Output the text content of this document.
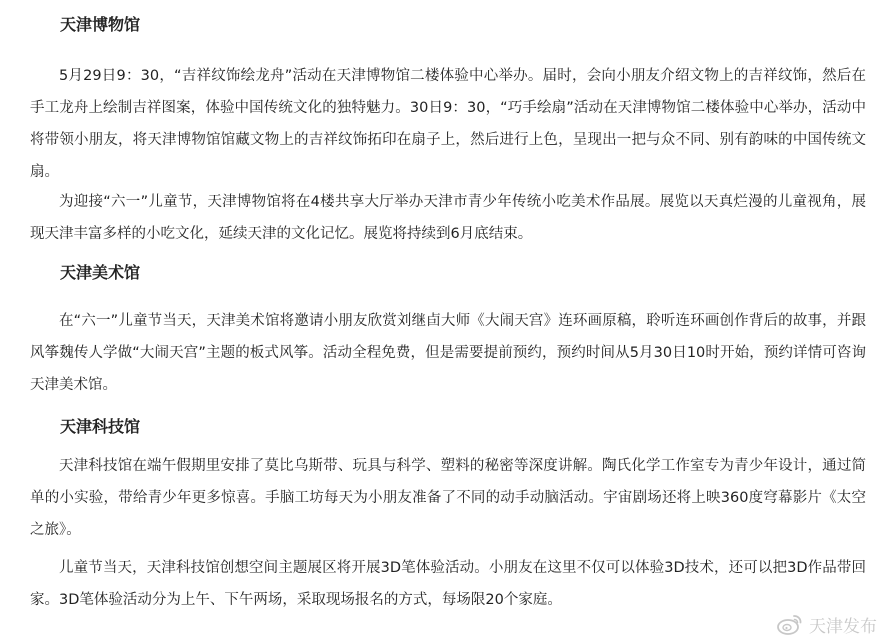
天津博物馆

5月29日9：30，“吉祥纹饰绘龙舟”活动在天津博物馆二楼体验中心举办。届时，会向小朋友介绍文物上的吉祥纹饰，然后在手工龙舟上绘制吉祥图案，体验中国传统文化的独特魅力。30日9：30，“巧手绘扇”活动在天津博物馆二楼体验中心举办，活动中将带领小朋友，将天津博物馆馆藏文物上的吉祥纹饰拓印在扇子上，然后进行上色，呈现出一把与众不同、别有韵味的中国传统文扇。

为迎接“六一”儿童节，天津博物馆将在4楼共享大厅举办天津市青少年传统小吃美术作品展。展览以天真烂漫的儿童视角，展现天津丰富多样的小吃文化，延续天津的文化记忆。展览将持续到6月底结束。

天津美术馆

在“六一”儿童节当天，天津美术馆将邀请小朋友欣赏刘继卣大师《大闹天宫》连环画原稿，聆听连环画创作背后的故事，并跟风筝魏传人学做“大闹天宫”主题的板式风筝。活动全程免费，但是需要提前预约，预约时间从5月30日10时开始，预约详情可咨询天津美术馆。

天津科技馆

天津科技馆在端午假期里安排了莫比乌斯带、玩具与科学、塑料的秘密等深度讲解。陶氏化学工作室专为青少年设计，通过简单的小实验，带给青少年更多惊喜。手脑工坊每天为小朋友准备了不同的动手动脑活动。宇宙剧场还将上映360度穹幕影片《太空之旅》。

儿童节当天，天津科技馆创想空间主题展区将开展3D笔体验活动。小朋友在这里不仅可以体验3D技术，还可以把3D作品带回家。3D笔体验活动分为上午、下午两场，采取现场报名的方式，每场限20个家庭。

天津发布
